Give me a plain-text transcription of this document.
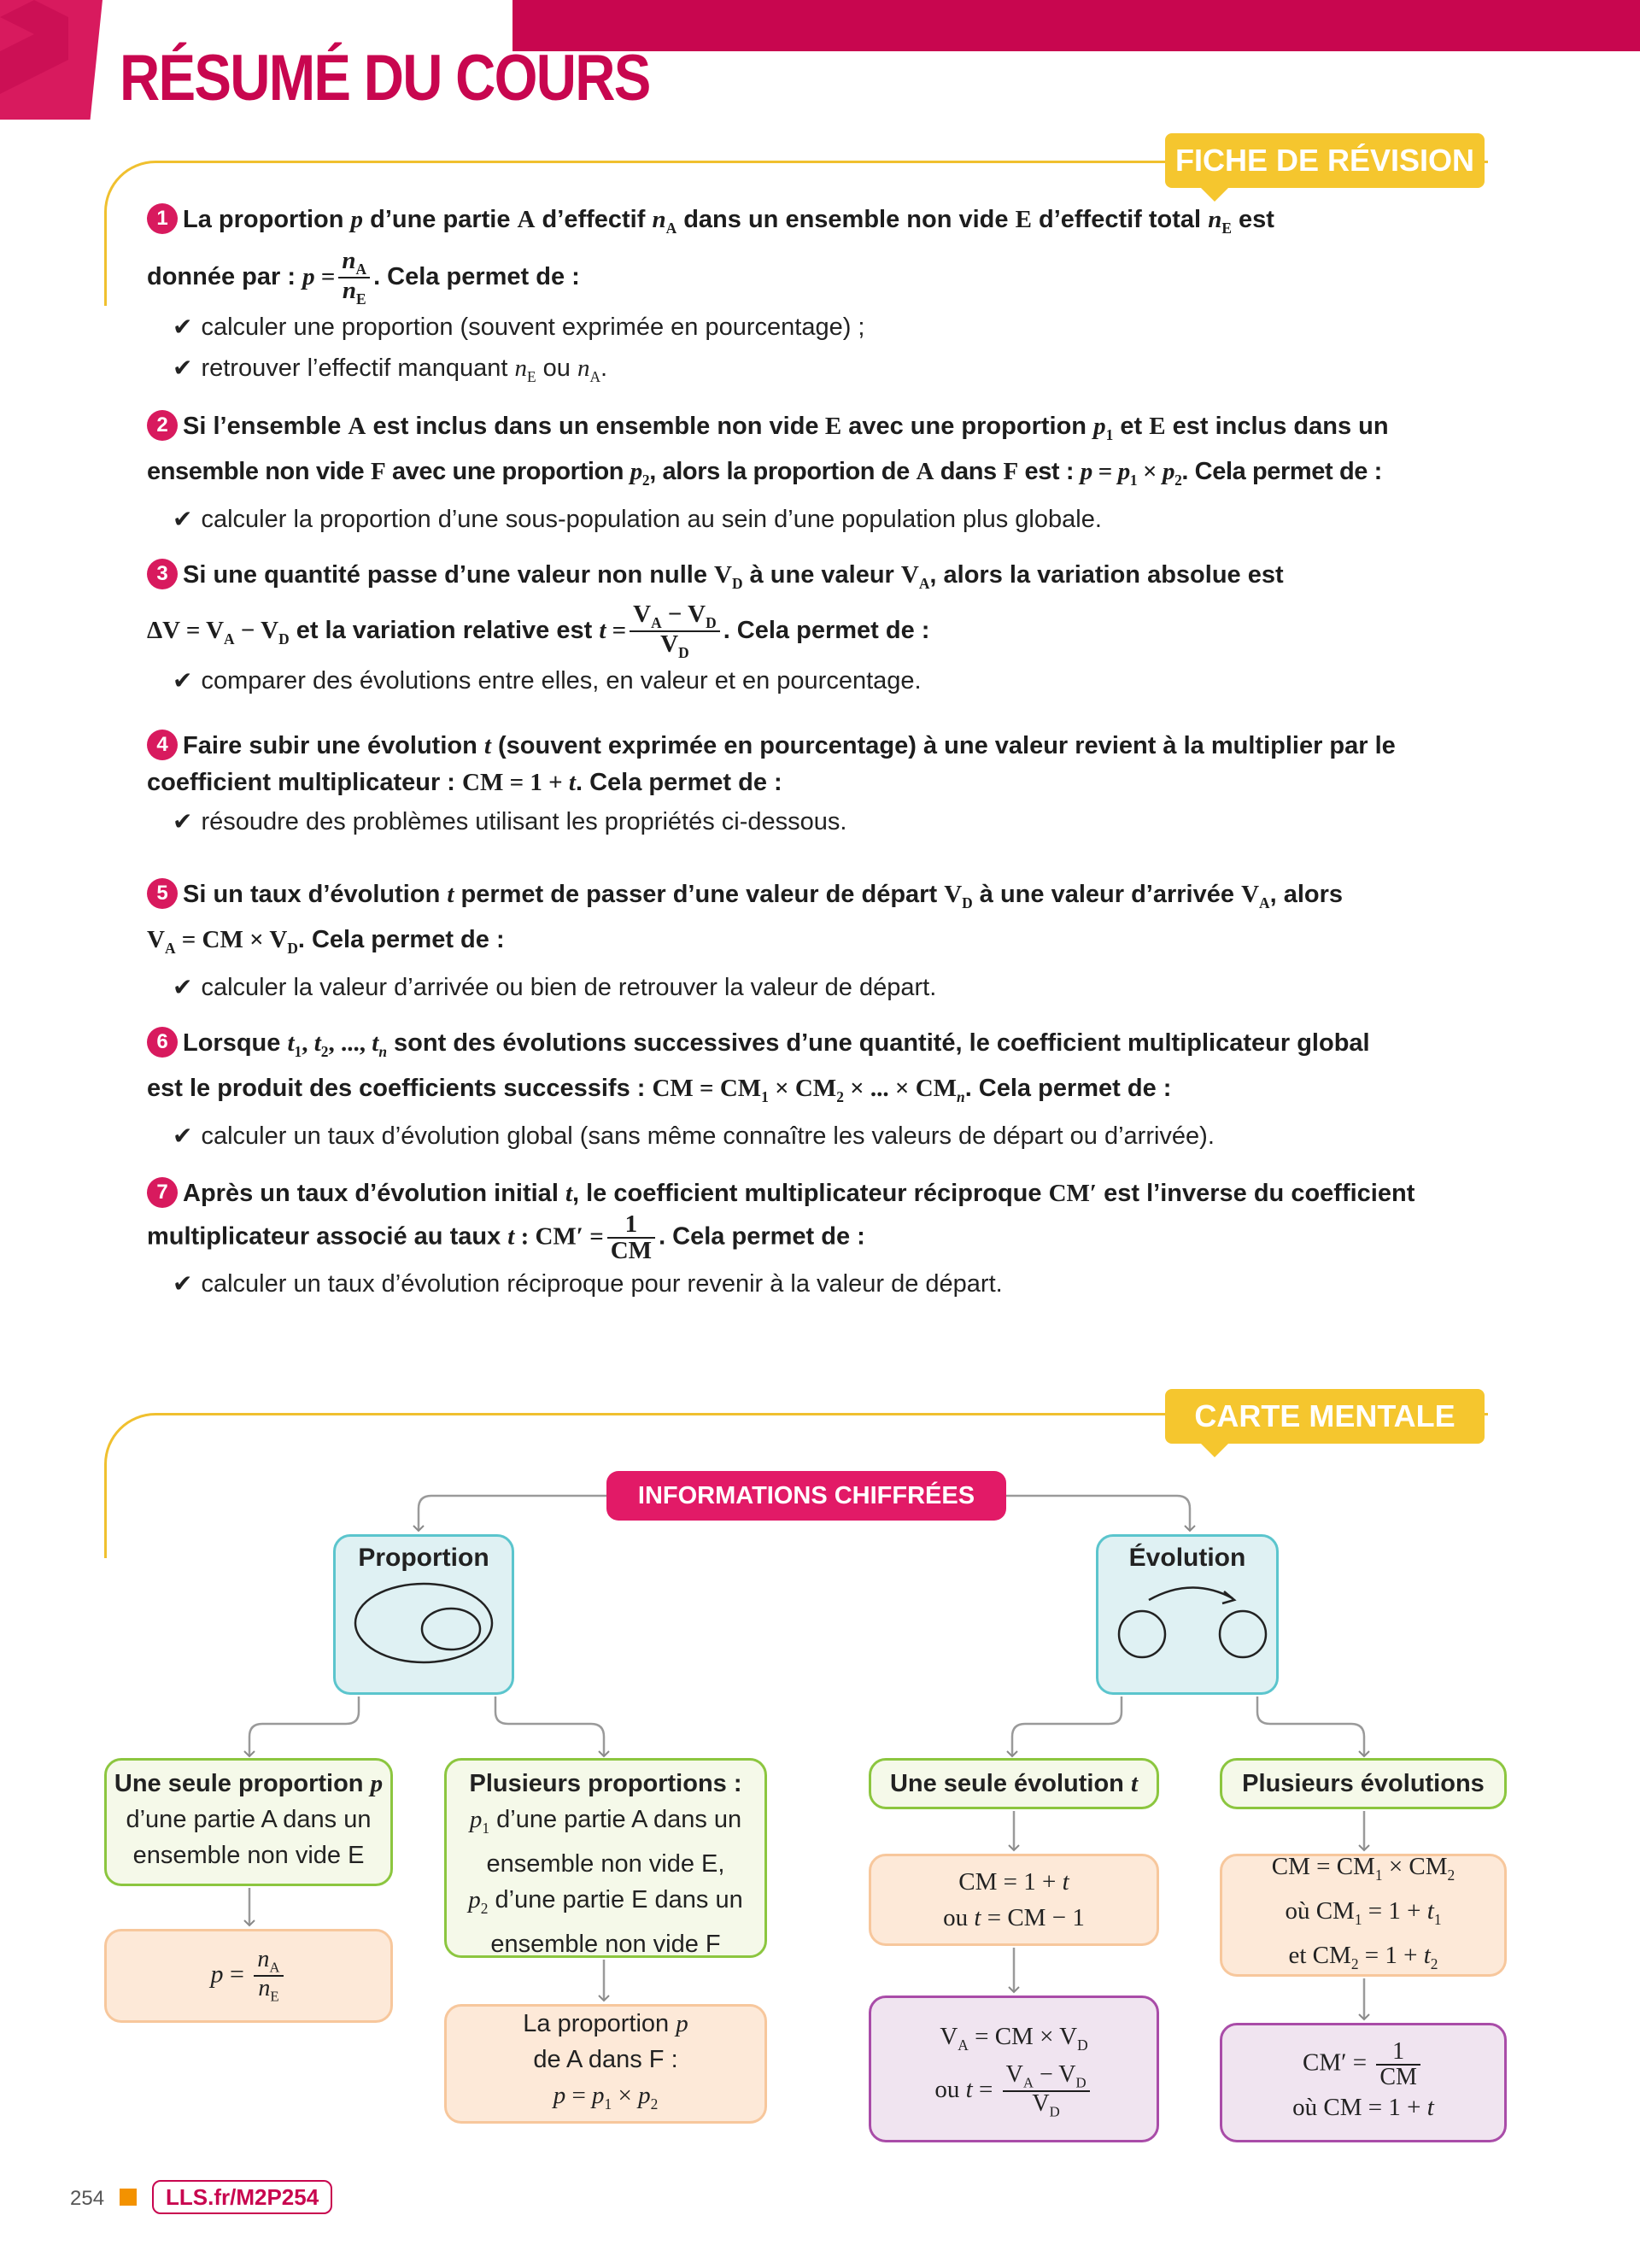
RÉSUMÉ DU COURS
FICHE DE RÉVISION
1 La proportion p d’une partie A d’effectif $n_A$ dans un ensemble non vide E d’effectif total $n_E$ est
donnée par : $p = \frac{n_A}{n_E}$ . Cela permet de :
✔ calculer une proportion (souvent exprimée en pourcentage) ;
✔ retrouver l’effectif manquant $n_E$ ou $n_A$.
2 Si l’ensemble A est inclus dans un ensemble non vide E avec une proportion $p_1$ et E est inclus dans un
ensemble non vide F avec une proportion $p_2$, alors la proportion de A dans F est : $p = p_1 \times p_2$. Cela permet de :
✔ calculer la proportion d’une sous-population au sein d’une population plus globale.
3 Si une quantité passe d’une valeur non nulle $V_D$ à une valeur $V_A$, alors la variation absolue est
$\Delta V = V_A - V_D$ et la variation relative est $t = \frac{V_A - V_D}{V_D}$ . Cela permet de :
✔ comparer des évolutions entre elles, en valeur et en pourcentage.
4 Faire subir une évolution t (souvent exprimée en pourcentage) à une valeur revient à la multiplier par le
coefficient multiplicateur : CM = 1 + t. Cela permet de :
✔ résoudre des problèmes utilisant les propriétés ci-dessous.
5 Si un taux d’évolution t permet de passer d’une valeur de départ $V_D$ à une valeur d’arrivée $V_A$, alors
$V_A$ = CM × $V_D$. Cela permet de :
✔ calculer la valeur d’arrivée ou bien de retrouver la valeur de départ.
6 Lorsque $t_1$, $t_2$, ..., $t_n$ sont des évolutions successives d’une quantité, le coefficient multiplicateur global
est le produit des coefficients successifs : CM = $CM_1 \times CM_2$ × ... × $CM_n$. Cela permet de :
✔ calculer un taux d’évolution global (sans même connaître les valeurs de départ ou d’arrivée).
7 Après un taux d’évolution initial t, le coefficient multiplicateur réciproque CM′ est l’inverse du coefficient
multiplicateur associé au taux t : $CM' = \frac{1}{CM}$ . Cela permet de :
✔ calculer un taux d’évolution réciproque pour revenir à la valeur de départ.
CARTE MENTALE
INFORMATIONS CHIFFRÉES
Proportion	Évolution
Une seule proportion p
d’une partie A dans un
ensemble non vide E
$p = \frac{n_A}{n_E}$
Plusieurs proportions :
$p_1$ d’une partie A dans un
ensemble non vide E,
$p_2$ d’une partie E dans un
ensemble non vide F
La proportion p
de A dans F :
$p = p_1 \times p_2$
Une seule évolution t
CM = 1 + t
ou t = CM − 1
$V_A$ = CM × $V_D$
ou $t = \frac{V_A - V_D}{V_D}$
Plusieurs évolutions
CM = $CM_1 \times CM_2$
où $CM_1 = 1 + t_1$
et $CM_2 = 1 + t_2$
$CM' = \frac{1}{CM}$
où CM = 1 + t
254	LLS.fr/M2P254
